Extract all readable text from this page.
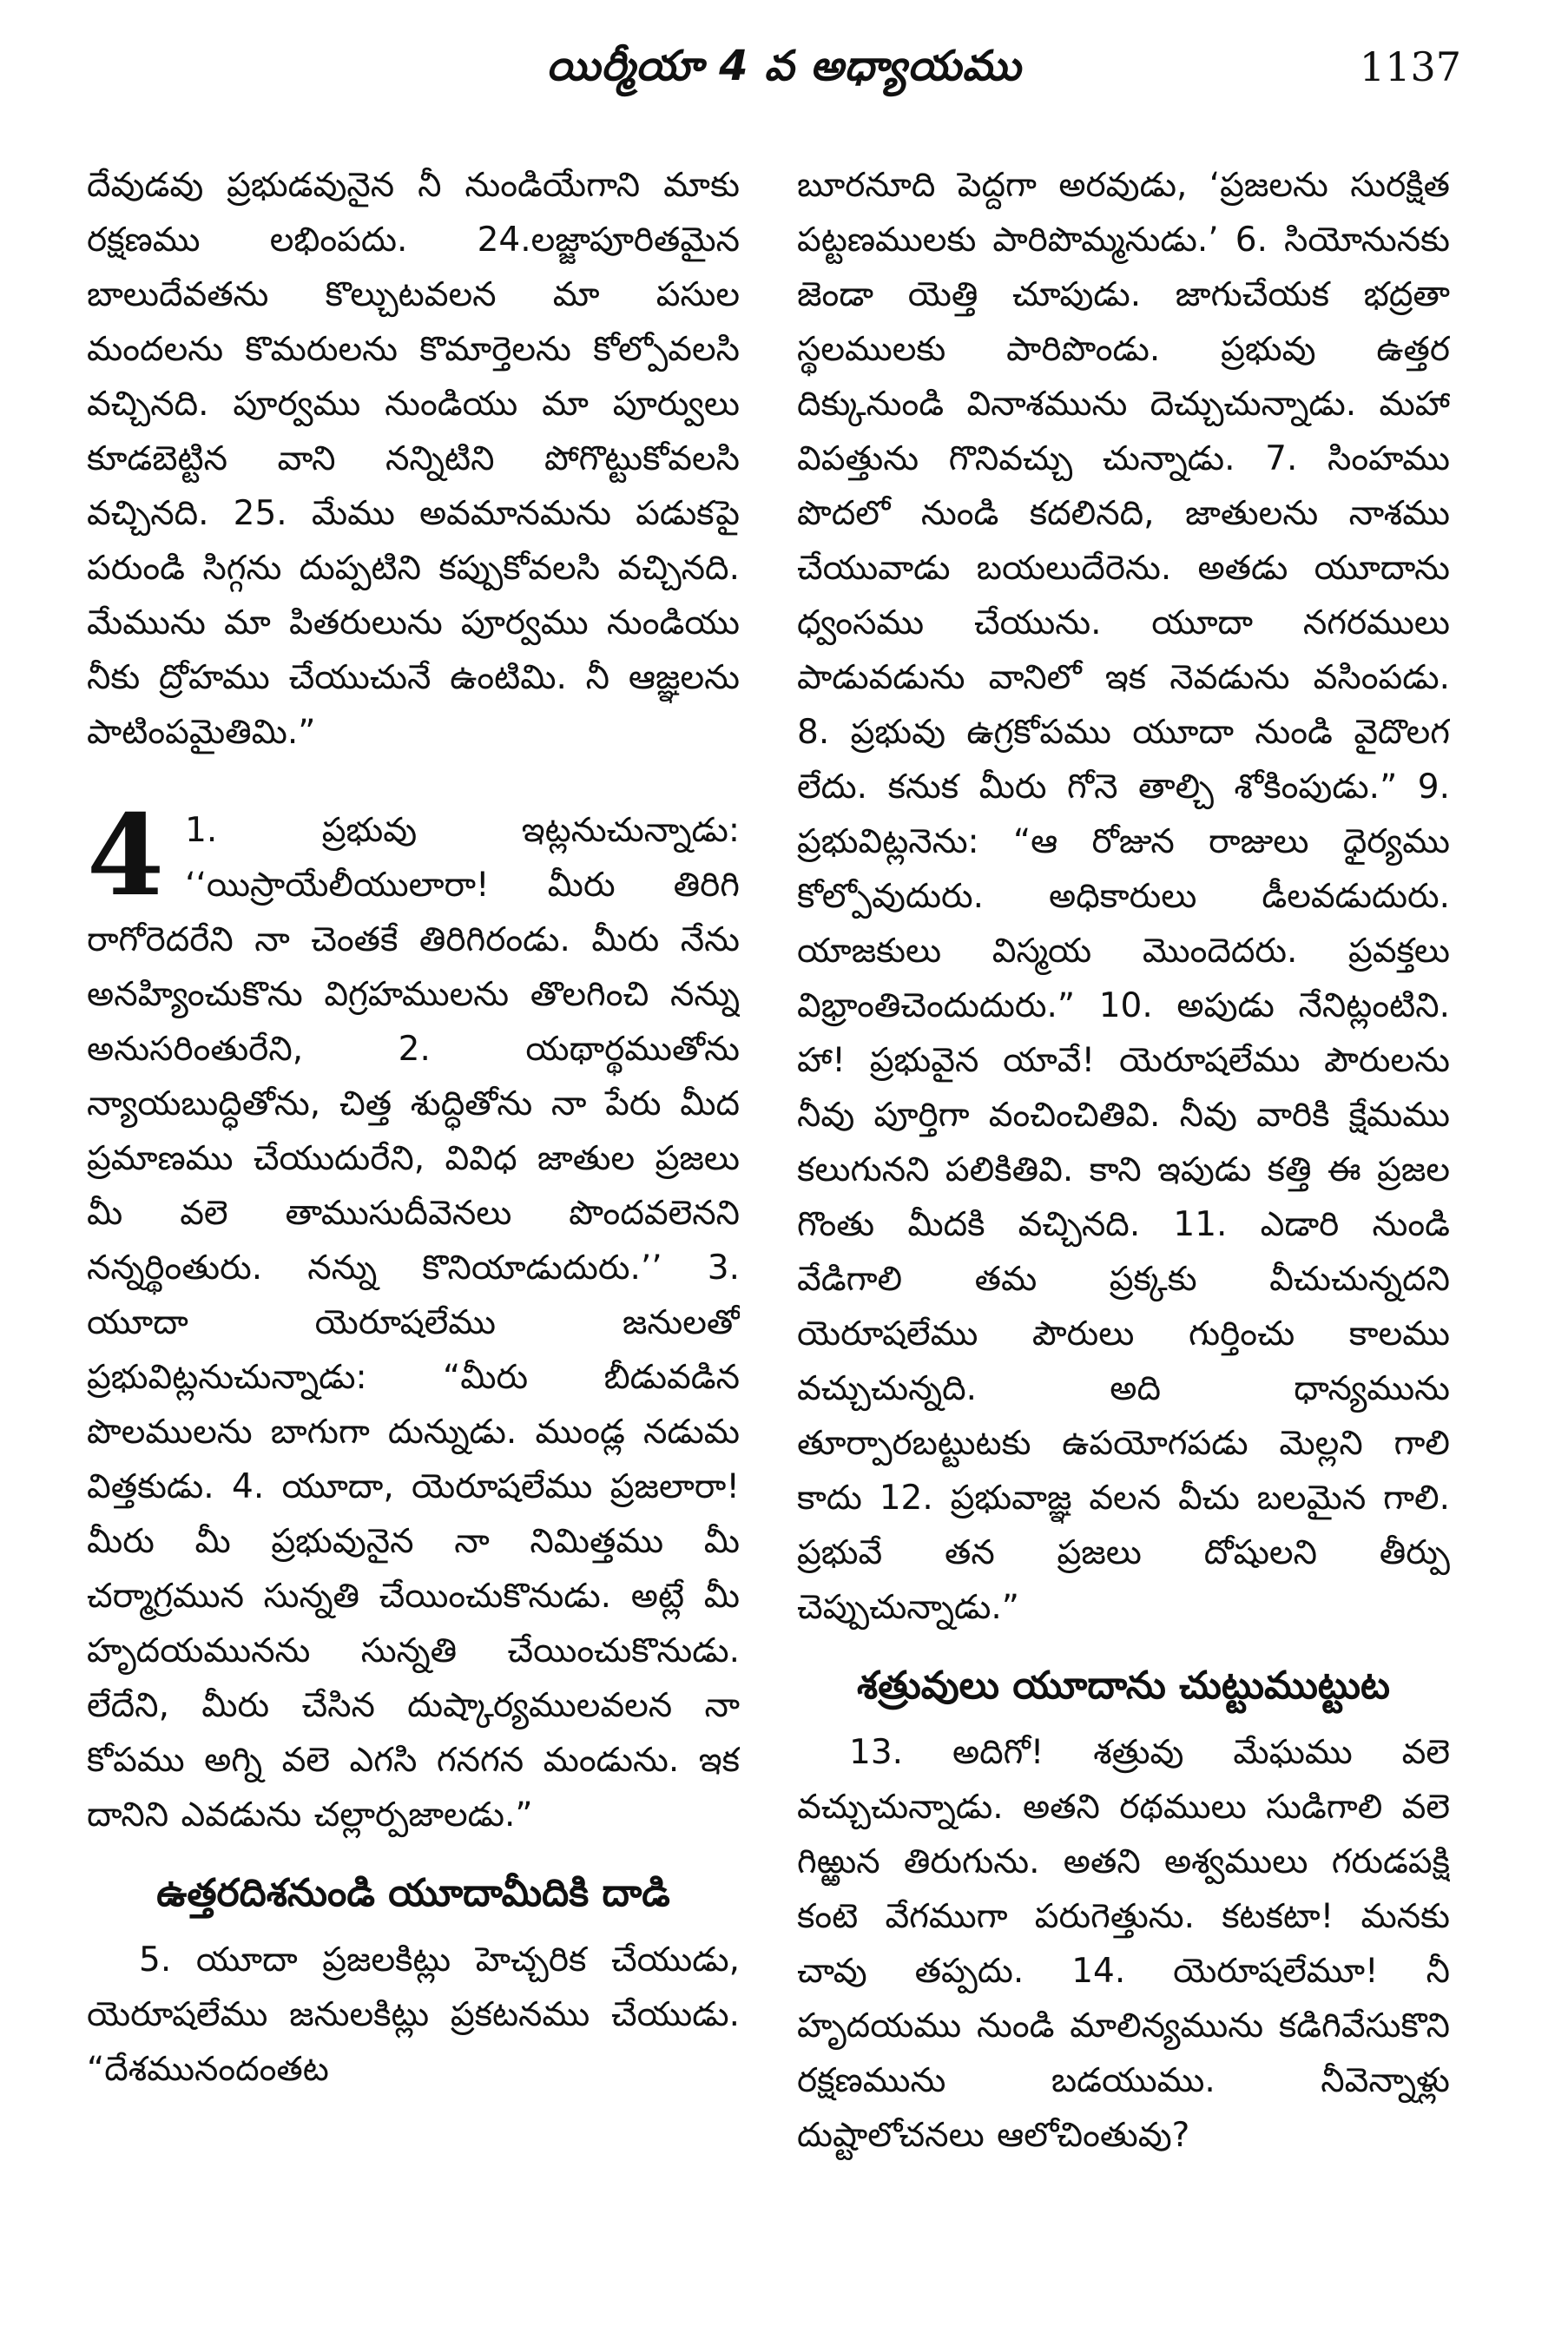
యిర్మీయా 4 వ అధ్యాయము	1137

దేవుడవు ప్రభుడవునైన నీ నుండియేగాని మాకు రక్షణము లభింపదు. 24.లజ్జాపూరితమైన బాలుదేవతను కొల్చుటవలన మా పసుల మందలను కొమరులను కొమార్తెలను కోల్పోవలసి వచ్చినది. పూర్వము నుండియు మా పూర్వులు కూడబెట్టిన వాని నన్నిటిని పోగొట్టుకోవలసి వచ్చినది. 25. మేము అవమానమను పడుకపై పరుండి సిగ్గను దుప్పటిని కప్పుకోవలసి వచ్చినది. మేమును మా పితరులును పూర్వము నుండియు నీకు ద్రోహము చేయుచునే ఉంటిమి. నీ ఆజ్ఞలను పాటింపమైతిమి.”

4 1. ప్రభువు ఇట్లనుచున్నాడు: ‘‘యిస్రాయేలీయులారా! మీరు తిరిగి రాగోరెదరేని నా చెంతకే తిరిగిరండు. మీరు నేను అనహ్యించుకొను విగ్రహములను తొలగించి నన్ను అనుసరింతురేని, 2. యథార్థముతోను న్యాయబుద్ధితోను, చిత్త శుద్ధితోను నా పేరు మీద ప్రమాణము చేయుదురేని, వివిధ జాతుల ప్రజలు మీ వలె తాముసుదీవెనలు పొందవలెనని నన్నర్థింతురు. నన్ను కొనియాడుదురు.’’ 3. యూదా యెరూషలేము జనులతో ప్రభువిట్లనుచున్నాడు: “మీరు బీడువడిన పొలములను బాగుగా దున్నుడు. ముండ్ల నడుమ విత్తకుడు. 4. యూదా, యెరూషలేము ప్రజలారా! మీరు మీ ప్రభువునైన నా నిమిత్తము మీ చర్మాగ్రమున సున్నతి చేయించుకొనుడు. అట్లే మీ హృదయమునను సున్నతి చేయించుకొనుడు. లేదేని, మీరు చేసిన దుష్కార్యములవలన నా కోపము అగ్ని వలె ఎగసి గనగన మండును. ఇక దానిని ఎవడును చల్లార్పజాలడు.”

ఉత్తరదిశనుండి యూదామీదికి దాడి

5. యూదా ప్రజలకిట్లు హెచ్చరిక చేయుడు, యెరూషలేము జనులకిట్లు ప్రకటనము చేయుడు. “దేశమునందంతట

బూరనూది పెద్దగా అరవుడు, ‘ప్రజలను సురక్షిత పట్టణములకు పారిపొమ్మనుడు.’ 6. సియోనునకు జెండా యెత్తి చూపుడు. జాగుచేయక భద్రతా స్థలములకు పారిపొండు. ప్రభువు ఉత్తర దిక్కునుండి వినాశమును దెచ్చుచున్నాడు. మహా విపత్తును గొనివచ్చు చున్నాడు. 7. సింహము పొదలో నుండి కదలినది, జాతులను నాశము చేయువాడు బయలుదేరెను. అతడు యూదాను ధ్వంసము చేయును. యూదా నగరములు పాడువడును వానిలో ఇక నెవడును వసింపడు. 8. ప్రభువు ఉగ్రకోపము యూదా నుండి వైదొలగ లేదు. కనుక మీరు గోనె తాల్చి శోకింపుడు.” 9. ప్రభువిట్లనెను: “ఆ రోజున రాజులు ధైర్యము కోల్పోవుదురు. అధికారులు డీలవడుదురు. యాజకులు విస్మయ మొందెదరు. ప్రవక్తలు విభ్రాంతిచెందుదురు.” 10. అపుడు నేనిట్లంటిని. హా! ప్రభువైన యావే! యెరూషలేము పౌరులను నీవు పూర్తిగా వంచించితివి. నీవు వారికి క్షేమము కలుగునని పలికితివి. కాని ఇపుడు కత్తి ఈ ప్రజల గొంతు మీదకి వచ్చినది. 11. ఎడారి నుండి వేడిగాలి తమ ప్రక్కకు వీచుచున్నదని యెరూషలేము పౌరులు గుర్తించు కాలము వచ్చుచున్నది. అది ధాన్యమును తూర్పారబట్టుటకు ఉపయోగపడు మెల్లని గాలి కాదు 12. ప్రభువాజ్ఞ వలన వీచు బలమైన గాలి. ప్రభువే తన ప్రజలు దోషులని తీర్పు చెప్పుచున్నాడు.”

శత్రువులు యూదాను చుట్టుముట్టుట

13. అదిగో! శత్రువు మేఘము వలె వచ్చుచున్నాడు. అతని రథములు సుడిగాలి వలె గిఱ్ఱున తిరుగును. అతని అశ్వములు గరుడపక్షి కంటె వేగముగా పరుగెత్తును. కటకటా! మనకు చావు తప్పదు. 14. యెరూషలేమూ! నీ హృదయము నుండి మాలిన్యమును కడిగివేసుకొని రక్షణమును బడయుము. నీవెన్నాళ్లు దుష్టాలోచనలు ఆలోచింతువు?
